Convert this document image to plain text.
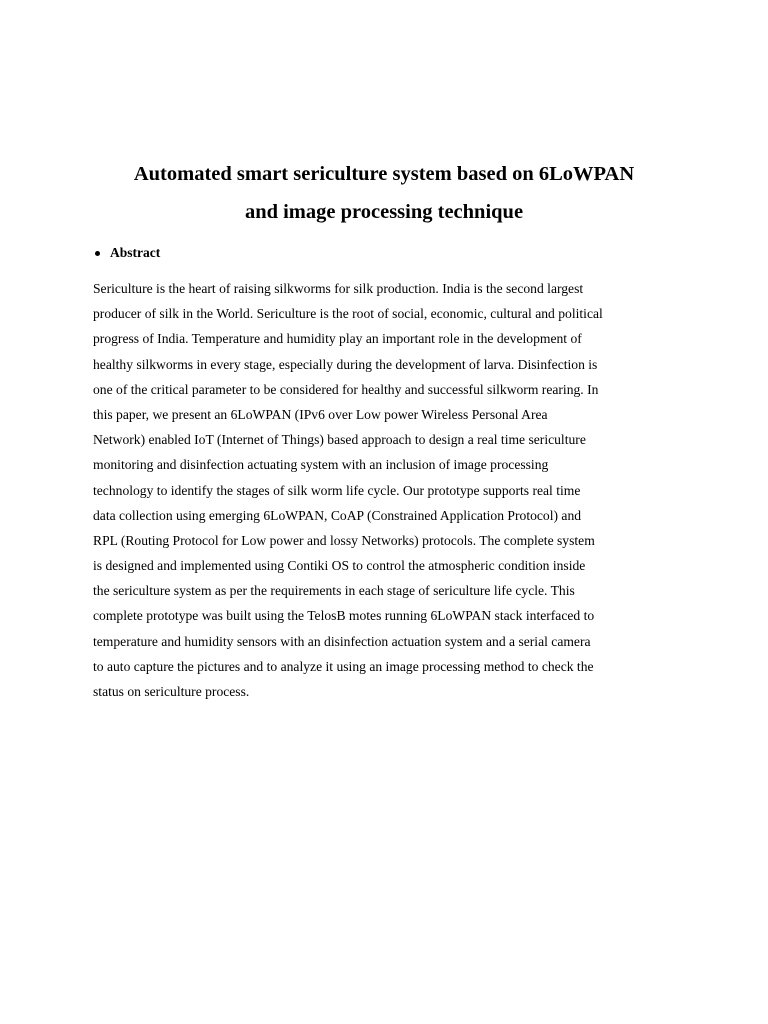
Automated smart sericulture system based on 6LoWPAN
and image processing technique
Abstract
Sericulture is the heart of raising silkworms for silk production. India is the second largest
producer of silk in the World. Sericulture is the root of social, economic, cultural and political
progress of India. Temperature and humidity play an important role in the development of
healthy silkworms in every stage, especially during the development of larva. Disinfection is
one of the critical parameter to be considered for healthy and successful silkworm rearing. In
this paper, we present an 6LoWPAN (IPv6 over Low power Wireless Personal Area
Network) enabled IoT (Internet of Things) based approach to design a real time sericulture
monitoring and disinfection actuating system with an inclusion of image processing
technology to identify the stages of silk worm life cycle. Our prototype supports real time
data collection using emerging 6LoWPAN, CoAP (Constrained Application Protocol) and
RPL (Routing Protocol for Low power and lossy Networks) protocols. The complete system
is designed and implemented using Contiki OS to control the atmospheric condition inside
the sericulture system as per the requirements in each stage of sericulture life cycle. This
complete prototype was built using the TelosB motes running 6LoWPAN stack interfaced to
temperature and humidity sensors with an disinfection actuation system and a serial camera
to auto capture the pictures and to analyze it using an image processing method to check the
status on sericulture process.
